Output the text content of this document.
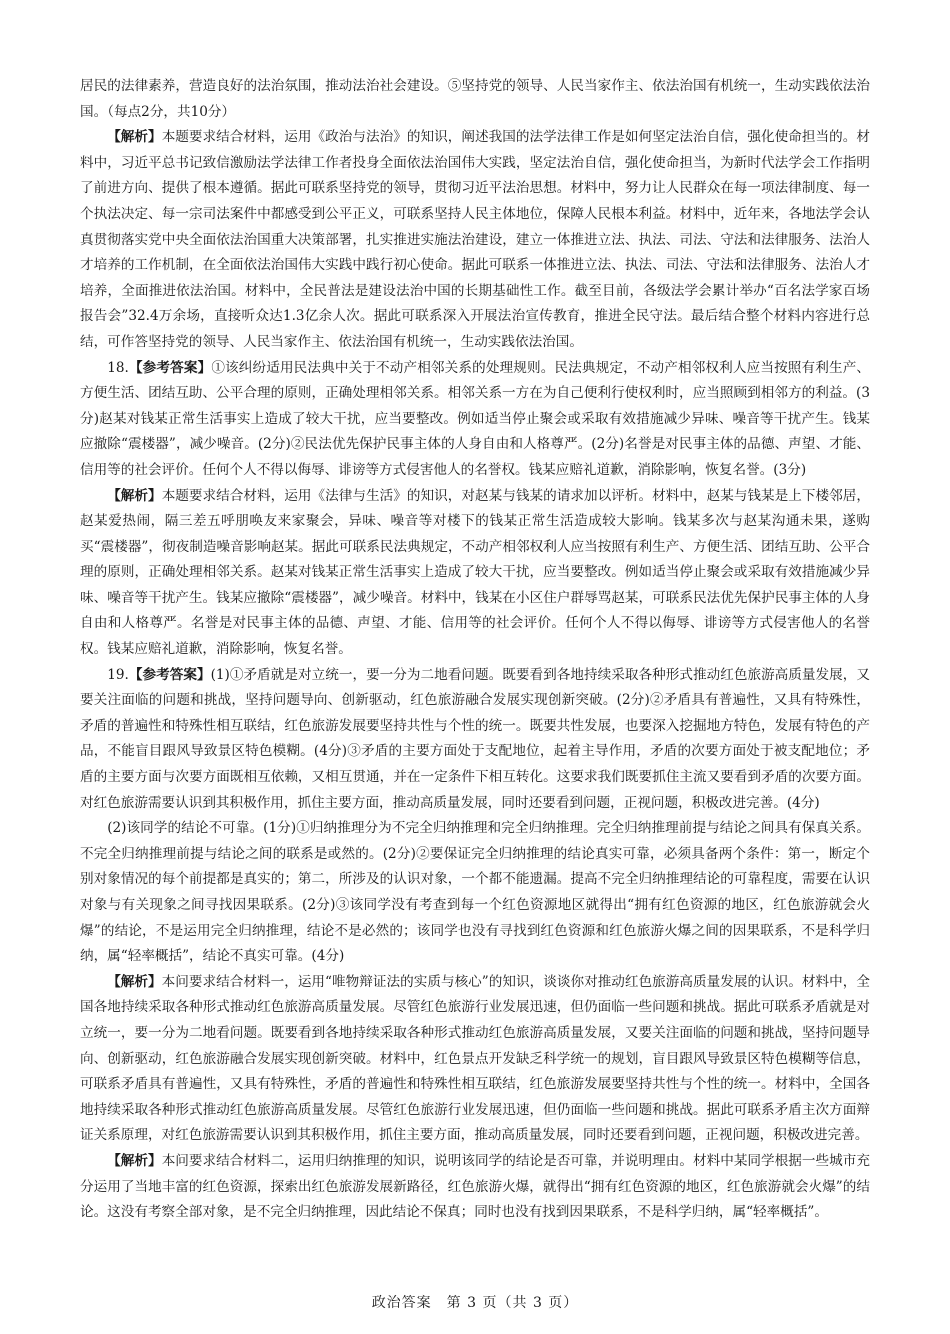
居民的法律素养，营造良好的法治氛围，推动法治社会建设。⑤坚持党的领导、人民当家作主、依法治国有机统一，生动实践依法治国。（每点2分，共10分）

【解析】本题要求结合材料，运用《政治与法治》的知识，阐述我国的法学法律工作是如何坚定法治自信，强化使命担当的。材料中，习近平总书记致信激励法学法律工作者投身全面依法治国伟大实践，坚定法治自信，强化使命担当，为新时代法学会工作指明了前进方向、提供了根本遵循。据此可联系坚持党的领导，贯彻习近平法治思想。材料中，努力让人民群众在每一项法律制度、每一个执法决定、每一宗司法案件中都感受到公平正义，可联系坚持人民主体地位，保障人民根本利益。材料中，近年来，各地法学会认真贯彻落实党中央全面依法治国重大决策部署，扎实推进实施法治建设，建立一体推进立法、执法、司法、守法和法律服务、法治人才培养的工作机制，在全面依法治国伟大实践中践行初心使命。据此可联系一体推进立法、执法、司法、守法和法律服务、法治人才培养，全面推进依法治国。材料中，全民普法是建设法治中国的长期基础性工作。截至目前，各级法学会累计举办“百名法学家百场报告会”32.4万余场，直接听众达1.3亿余人次。据此可联系深入开展法治宣传教育，推进全民守法。最后结合整个材料内容进行总结，可作答坚持党的领导、人民当家作主、依法治国有机统一，生动实践依法治国。

18.【参考答案】①该纠纷适用民法典中关于不动产相邻关系的处理规则。民法典规定，不动产相邻权利人应当按照有利生产、方便生活、团结互助、公平合理的原则，正确处理相邻关系。相邻关系一方在为自己便利行使权利时，应当照顾到相邻方的利益。(3分)赵某对钱某正常生活事实上造成了较大干扰，应当要整改。例如适当停止聚会或采取有效措施减少异味、噪音等干扰产生。钱某应撤除“震楼器”，减少噪音。(2分)②民法优先保护民事主体的人身自由和人格尊严。(2分)名誉是对民事主体的品德、声望、才能、信用等的社会评价。任何个人不得以侮辱、诽谤等方式侵害他人的名誉权。钱某应赔礼道歉，消除影响，恢复名誉。(3分)

【解析】本题要求结合材料，运用《法律与生活》的知识，对赵某与钱某的请求加以评析。材料中，赵某与钱某是上下楼邻居，赵某爱热闹，隔三差五呼朋唤友来家聚会，异味、噪音等对楼下的钱某正常生活造成较大影响。钱某多次与赵某沟通未果，遂购买“震楼器”，彻夜制造噪音影响赵某。据此可联系民法典规定，不动产相邻权利人应当按照有利生产、方便生活、团结互助、公平合理的原则，正确处理相邻关系。赵某对钱某正常生活事实上造成了较大干扰，应当要整改。例如适当停止聚会或采取有效措施减少异味、噪音等干扰产生。钱某应撤除“震楼器”，减少噪音。材料中，钱某在小区住户群辱骂赵某，可联系民法优先保护民事主体的人身自由和人格尊严。名誉是对民事主体的品德、声望、才能、信用等的社会评价。任何个人不得以侮辱、诽谤等方式侵害他人的名誉权。钱某应赔礼道歉，消除影响，恢复名誉。

19.【参考答案】(1)①矛盾就是对立统一，要一分为二地看问题。既要看到各地持续采取各种形式推动红色旅游高质量发展，又要关注面临的问题和挑战，坚持问题导向、创新驱动，红色旅游融合发展实现创新突破。(2分)②矛盾具有普遍性，又具有特殊性，矛盾的普遍性和特殊性相互联结，红色旅游发展要坚持共性与个性的统一。既要共性发展，也要深入挖掘地方特色，发展有特色的产品，不能盲目跟风导致景区特色模糊。(4分)③矛盾的主要方面处于支配地位，起着主导作用，矛盾的次要方面处于被支配地位；矛盾的主要方面与次要方面既相互依赖，又相互贯通，并在一定条件下相互转化。这要求我们既要抓住主流又要看到矛盾的次要方面。对红色旅游需要认识到其积极作用，抓住主要方面，推动高质量发展，同时还要看到问题，正视问题，积极改进完善。(4分)

(2)该同学的结论不可靠。(1分)①归纳推理分为不完全归纳推理和完全归纳推理。完全归纳推理前提与结论之间具有保真关系。不完全归纳推理前提与结论之间的联系是或然的。(2分)②要保证完全归纳推理的结论真实可靠，必须具备两个条件：第一，断定个别对象情况的每个前提都是真实的；第二，所涉及的认识对象，一个都不能遗漏。提高不完全归纳推理结论的可靠程度，需要在认识对象与有关现象之间寻找因果联系。(2分)③该同学没有考查到每一个红色资源地区就得出“拥有红色资源的地区，红色旅游就会火爆”的结论，不是运用完全归纳推理，结论不是必然的；该同学也没有寻找到红色资源和红色旅游火爆之间的因果联系，不是科学归纳，属“轻率概括”，结论不真实可靠。(4分)

【解析】本问要求结合材料一，运用“唯物辩证法的实质与核心”的知识，谈谈你对推动红色旅游高质量发展的认识。材料中，全国各地持续采取各种形式推动红色旅游高质量发展。尽管红色旅游行业发展迅速，但仍面临一些问题和挑战。据此可联系矛盾就是对立统一，要一分为二地看问题。既要看到各地持续采取各种形式推动红色旅游高质量发展，又要关注面临的问题和挑战，坚持问题导向、创新驱动，红色旅游融合发展实现创新突破。材料中，红色景点开发缺乏科学统一的规划，盲目跟风导致景区特色模糊等信息，可联系矛盾具有普遍性，又具有特殊性，矛盾的普遍性和特殊性相互联结，红色旅游发展要坚持共性与个性的统一。材料中，全国各地持续采取各种形式推动红色旅游高质量发展。尽管红色旅游行业发展迅速，但仍面临一些问题和挑战。据此可联系矛盾主次方面辩证关系原理，对红色旅游需要认识到其积极作用，抓住主要方面，推动高质量发展，同时还要看到问题，正视问题，积极改进完善。

【解析】本问要求结合材料二，运用归纳推理的知识，说明该同学的结论是否可靠，并说明理由。材料中某同学根据一些城市充分运用了当地丰富的红色资源，探索出红色旅游发展新路径，红色旅游火爆，就得出“拥有红色资源的地区，红色旅游就会火爆”的结论。这没有考察全部对象，是不完全归纳推理，因此结论不保真；同时也没有找到因果联系，不是科学归纳，属“轻率概括”。

政治答案　第 3 页（共 3 页）
